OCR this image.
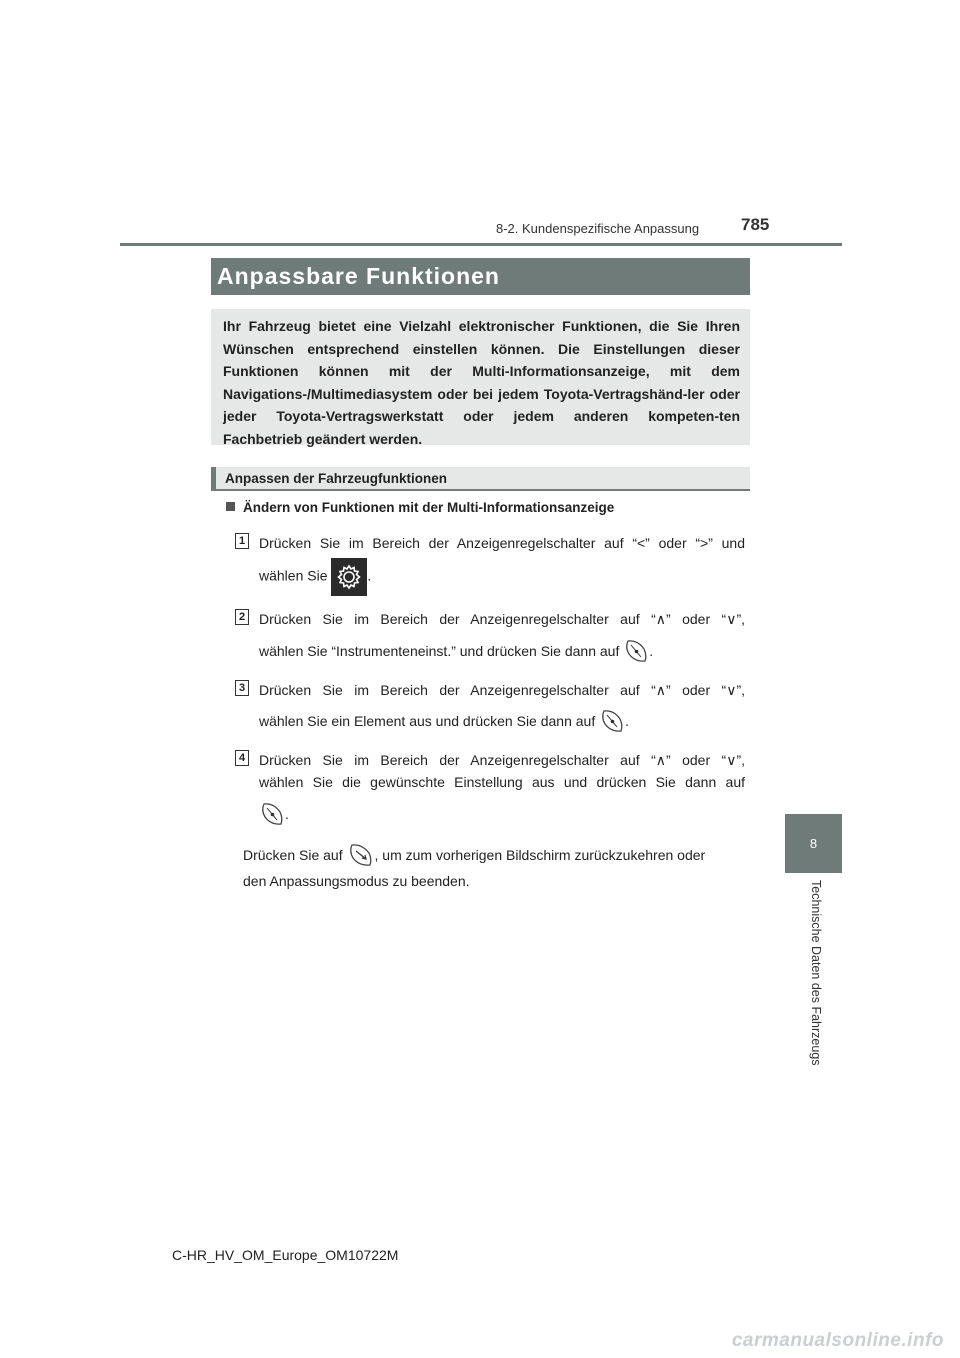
8-2. Kundenspezifische Anpassung 785
Anpassbare Funktionen
Ihr Fahrzeug bietet eine Vielzahl elektronischer Funktionen, die Sie Ihren Wünschen entsprechend einstellen können. Die Einstellungen dieser Funktionen können mit der Multi-Informationsanzeige, mit dem Navigations-/Multimediasystem oder bei jedem Toyota-Vertragshänd-ler oder jeder Toyota-Vertragswerkstatt oder jedem anderen kompeten-ten Fachbetrieb geändert werden.
Anpassen der Fahrzeugfunktionen
Ändern von Funktionen mit der Multi-Informationsanzeige
1 Drücken Sie im Bereich der Anzeigenregelschalter auf “<” oder “>” und
wählen Sie	.
2 Drücken Sie im Bereich der Anzeigenregelschalter auf “∧” oder “∨”,
wählen Sie “Instrumenteneinst.” und drücken Sie dann auf .
3 Drücken Sie im Bereich der Anzeigenregelschalter auf “∧” oder “∨”,
wählen Sie ein Element aus und drücken Sie dann auf .
4 Drücken Sie im Bereich der Anzeigenregelschalter auf “∧” oder “∨”,
wählen Sie die gewünschte Einstellung aus und drücken Sie dann auf
.
Drücken Sie auf , um zum vorherigen Bildschirm zurückzukehren oder
den Anpassungsmodus zu beenden.
8
Technische Daten des Fahrzeugs
C-HR_HV_OM_Europe_OM10722M
carmanualsonline.info
